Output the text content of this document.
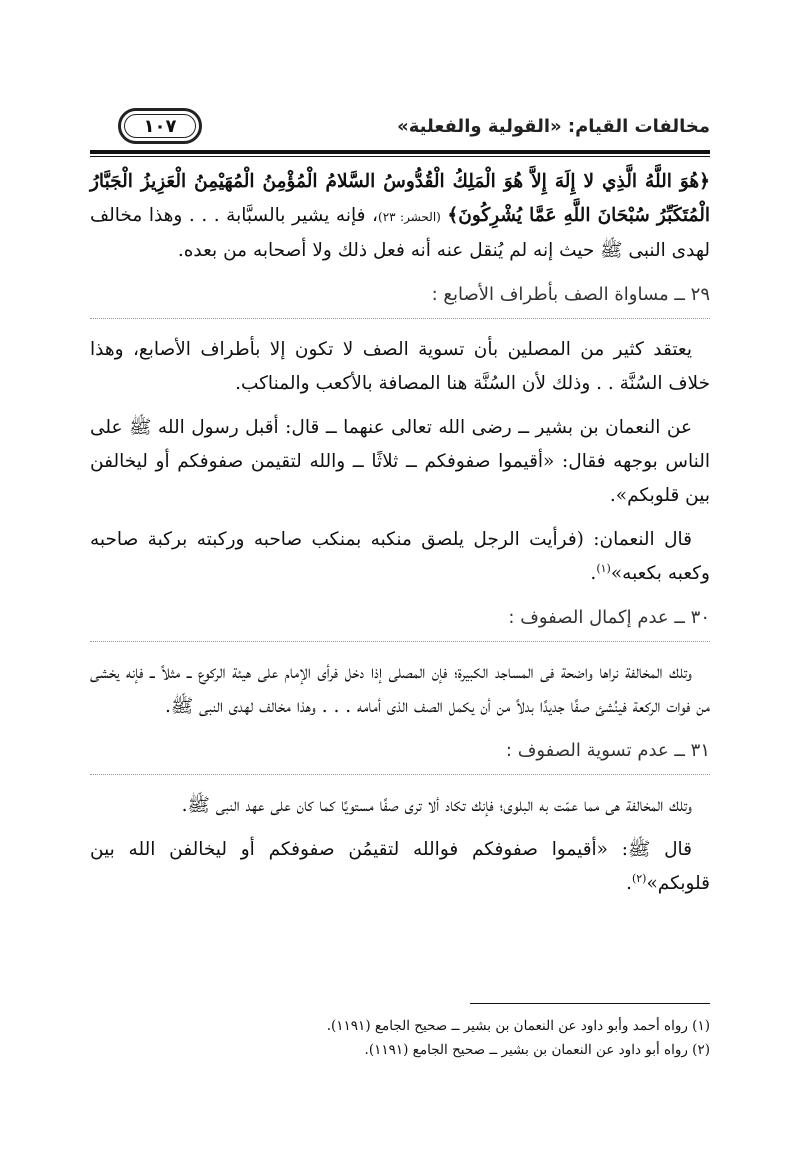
مخالفات القيام: «القولية والفعلية»
١٠٧

﴿هُوَ اللَّهُ الَّذِي لا إِلَهَ إِلاَّ هُوَ الْمَلِكُ الْقُدُّوسُ السَّلامُ الْمُؤْمِنُ الْمُهَيْمِنُ الْعَزِيزُ الْجَبَّارُ الْمُتَكَبِّرُ سُبْحَانَ اللَّهِ عَمَّا يُشْرِكُونَ﴾ (الحشر: ٢٣)، فإنه يشير بالسبَّابة . . . وهذا مخالف لهدى النبى ﷺ حيث إنه لم يُنقل عنه أنه فعل ذلك ولا أصحابه من بعده.

٢٩ ــ مساواة الصف بأطراف الأصابع :

يعتقد كثير من المصلين بأن تسوية الصف لا تكون إلا بأطراف الأصابع، وهذا خلاف السُنَّة . . وذلك لأن السُنَّة هنا المصافة بالأكعب والمناكب.

عن النعمان بن بشير ــ رضى الله تعالى عنهما ــ قال: أقبل رسول الله ﷺ على الناس بوجهه فقال: «أقيموا صفوفكم ــ ثلاثًا ــ والله لتقيمن صفوفكم أو ليخالفن بين قلوبكم».

قال النعمان: (فرأيت الرجل يلصق منكبه بمنكب صاحبه وركبته بركبة صاحبه وكعبه بكعبه»$^{(١)}$.

٣٠ ــ عدم إكمال الصفوف :

وتلك المخالفة نراها واضحة فى المساجد الكبيرة؛ فإن المصلى إذا دخل فرأى الإمام على هيئة الركوع ــ مثلاً ــ فإنه يخشى من فوات الركعة فينُشئ صفًا جديدًا بدلاً من أن يكمل الصف الذى أمامه . . . وهذا مخالف لهدى النبى ﷺ.

٣١ ــ عدم تسوية الصفوف :

وتلك المخالفة هى مما عمّت به البلوى؛ فإنك تكاد ألا ترى صفًا مستويًا كما كان على عهد النبى ﷺ.

قال ﷺ: «أقيموا صفوفكم فوالله لتقيمُن صفوفكم أو ليخالفن الله بين قلوبكم»$^{(٢)}$.

(١) رواه أحمد وأبو داود عن النعمان بن بشير ــ صحيح الجامع (١١٩١).
(٢) رواه أبو داود عن النعمان بن بشير ــ صحيح الجامع (١١٩١).
